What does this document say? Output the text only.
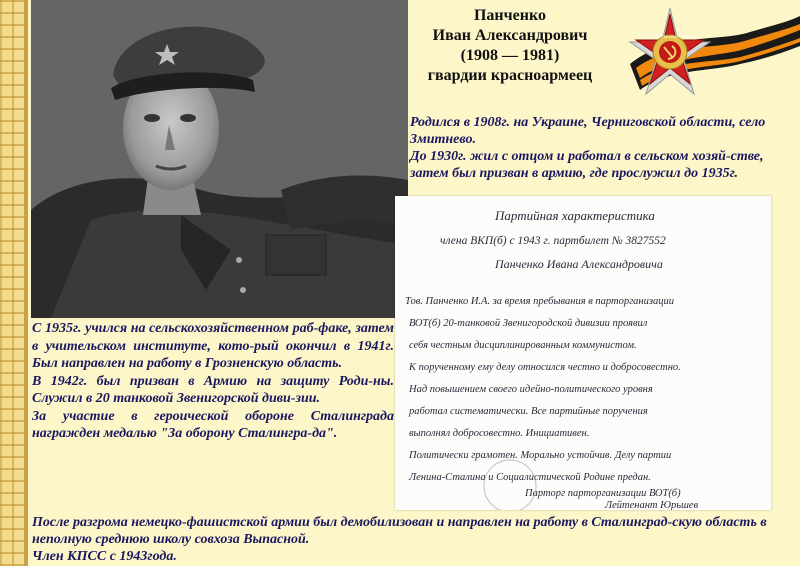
Панченко
Иван Александрович
(1908 — 1981)
гвардии красноармеец
ОТЕЧЕСТВЕННАЯ ВОЙНА

Родился в 1908г. на Украине, Черниговской области, село Змитнево.

До 1930г. жил с отцом и работал в сельском хозяй-стве, затем был призван в армию, где прослужил до 1935г.

Партийная характеристика
члена ВКП(б) с 1943 г. партбилет № 3827552
Панченко Ивана Александровича
Тов. Панченко И.А. за время пребывания в парторганизации
ВОТ(б) 20-танковой Звенигородской дивизии проявил
себя честным дисциплинированным коммунистом.
К порученному ему делу относился честно и добросовестно.
Над повышением своего идейно-политического уровня
работал систематически. Все партийные поручения
выполнял добросовестно. Инициативен.
Политически грамотен. Морально устойчив. Делу партии
Ленина-Сталина и Социалистической Родине предан.
Парторг парторганизации ВОТ(б)
Лейтенант Юрьшев

С 1935г. учился на сельскохозяйственном раб-факе, затем в учительском институте, кото-рый окончил в 1941г. Был направлен на работу в Грозненскую область.

В 1942г. был призван в Армию на защиту Роди-ны. Служил в 20 танковой Звенигорской диви-зии.

За участие в героической обороне Сталинграда награжден медалью "За оборону Сталингра-да".

После разгрома немецко-фашистской армии был демобилизован и направлен на работу в Сталинград-скую область в неполную среднюю школу совхоза Выпасной.

Член КПСС с 1943года.
